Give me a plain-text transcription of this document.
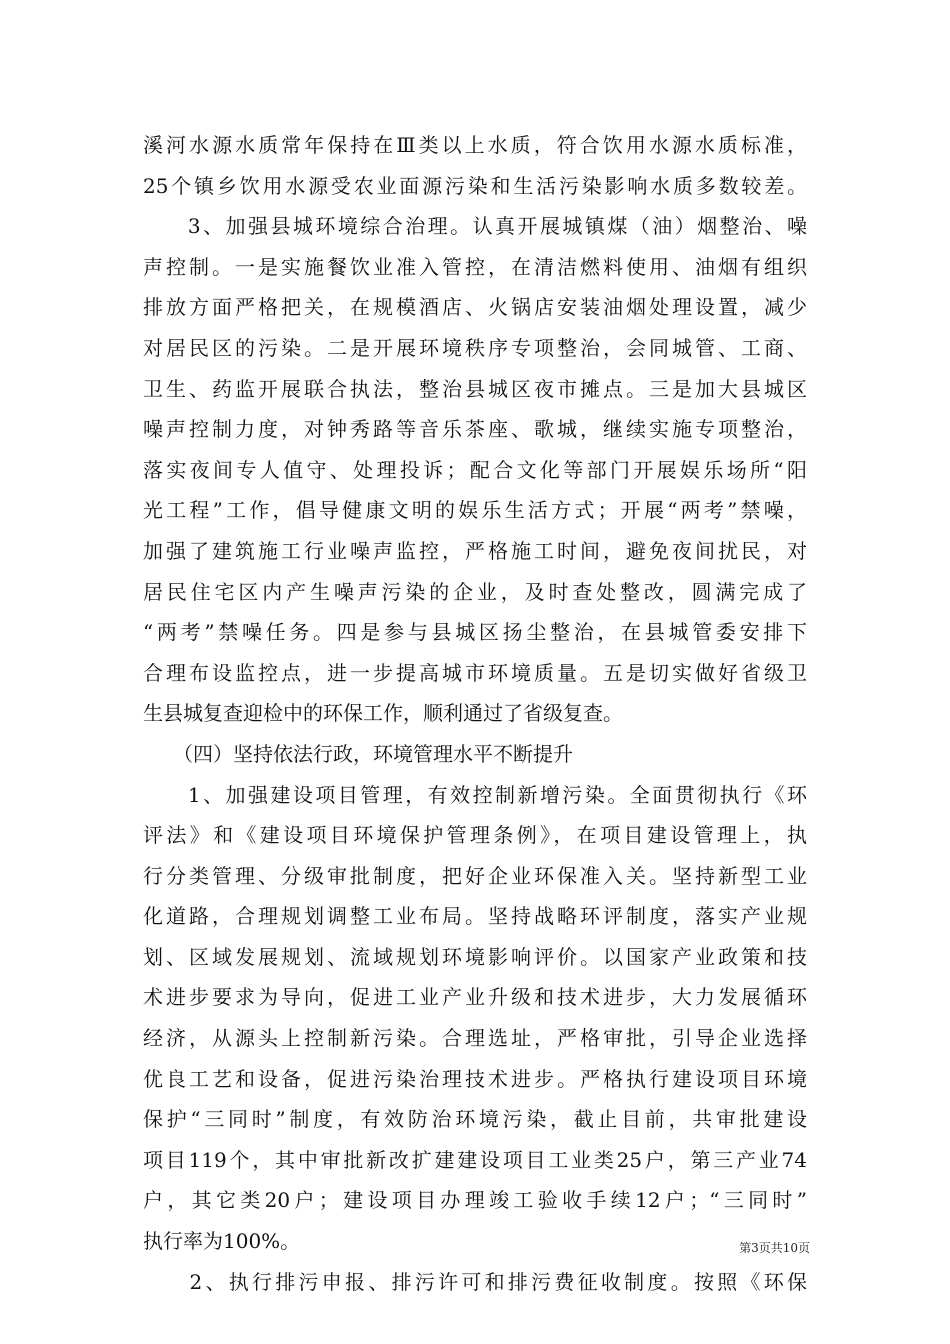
溪河水源水质常年保持在Ⅲ类以上水质，符合饮用水源水质标准，
25个镇乡饮用水源受农业面源污染和生活污染影响水质多数较差。
　　3、加强县城环境综合治理。认真开展城镇煤（油）烟整治、噪
声控制。一是实施餐饮业准入管控，在清洁燃料使用、油烟有组织
排放方面严格把关，在规模酒店、火锅店安装油烟处理设置，减少
对居民区的污染。二是开展环境秩序专项整治，会同城管、工商、
卫生、药监开展联合执法，整治县城区夜市摊点。三是加大县城区
噪声控制力度，对钟秀路等音乐茶座、歌城，继续实施专项整治，
落实夜间专人值守、处理投诉；配合文化等部门开展娱乐场所“阳
光工程”工作，倡导健康文明的娱乐生活方式；开展“两考”禁噪，
加强了建筑施工行业噪声监控，严格施工时间，避免夜间扰民，对
居民住宅区内产生噪声污染的企业，及时查处整改，圆满完成了
“两考”禁噪任务。四是参与县城区扬尘整治，在县城管委安排下
合理布设监控点，进一步提高城市环境质量。五是切实做好省级卫
生县城复查迎检中的环保工作，顺利通过了省级复查。
　　（四）坚持依法行政，环境管理水平不断提升
　　1、加强建设项目管理，有效控制新增污染。全面贯彻执行《环
评法》和《建设项目环境保护管理条例》，在项目建设管理上，执
行分类管理、分级审批制度，把好企业环保准入关。坚持新型工业
化道路，合理规划调整工业布局。坚持战略环评制度，落实产业规
划、区域发展规划、流域规划环境影响评价。以国家产业政策和技
术进步要求为导向，促进工业产业升级和技术进步，大力发展循环
经济，从源头上控制新污染。合理选址，严格审批，引导企业选择
优良工艺和设备，促进污染治理技术进步。严格执行建设项目环境
保护“三同时”制度，有效防治环境污染，截止目前，共审批建设
项目119个，其中审批新改扩建建设项目工业类25户，第三产业74
户，其它类20户；建设项目办理竣工验收手续12户；“三同时”
执行率为100%。
　　2、执行排污申报、排污许可和排污费征收制度。按照《环保
第3页共10页
